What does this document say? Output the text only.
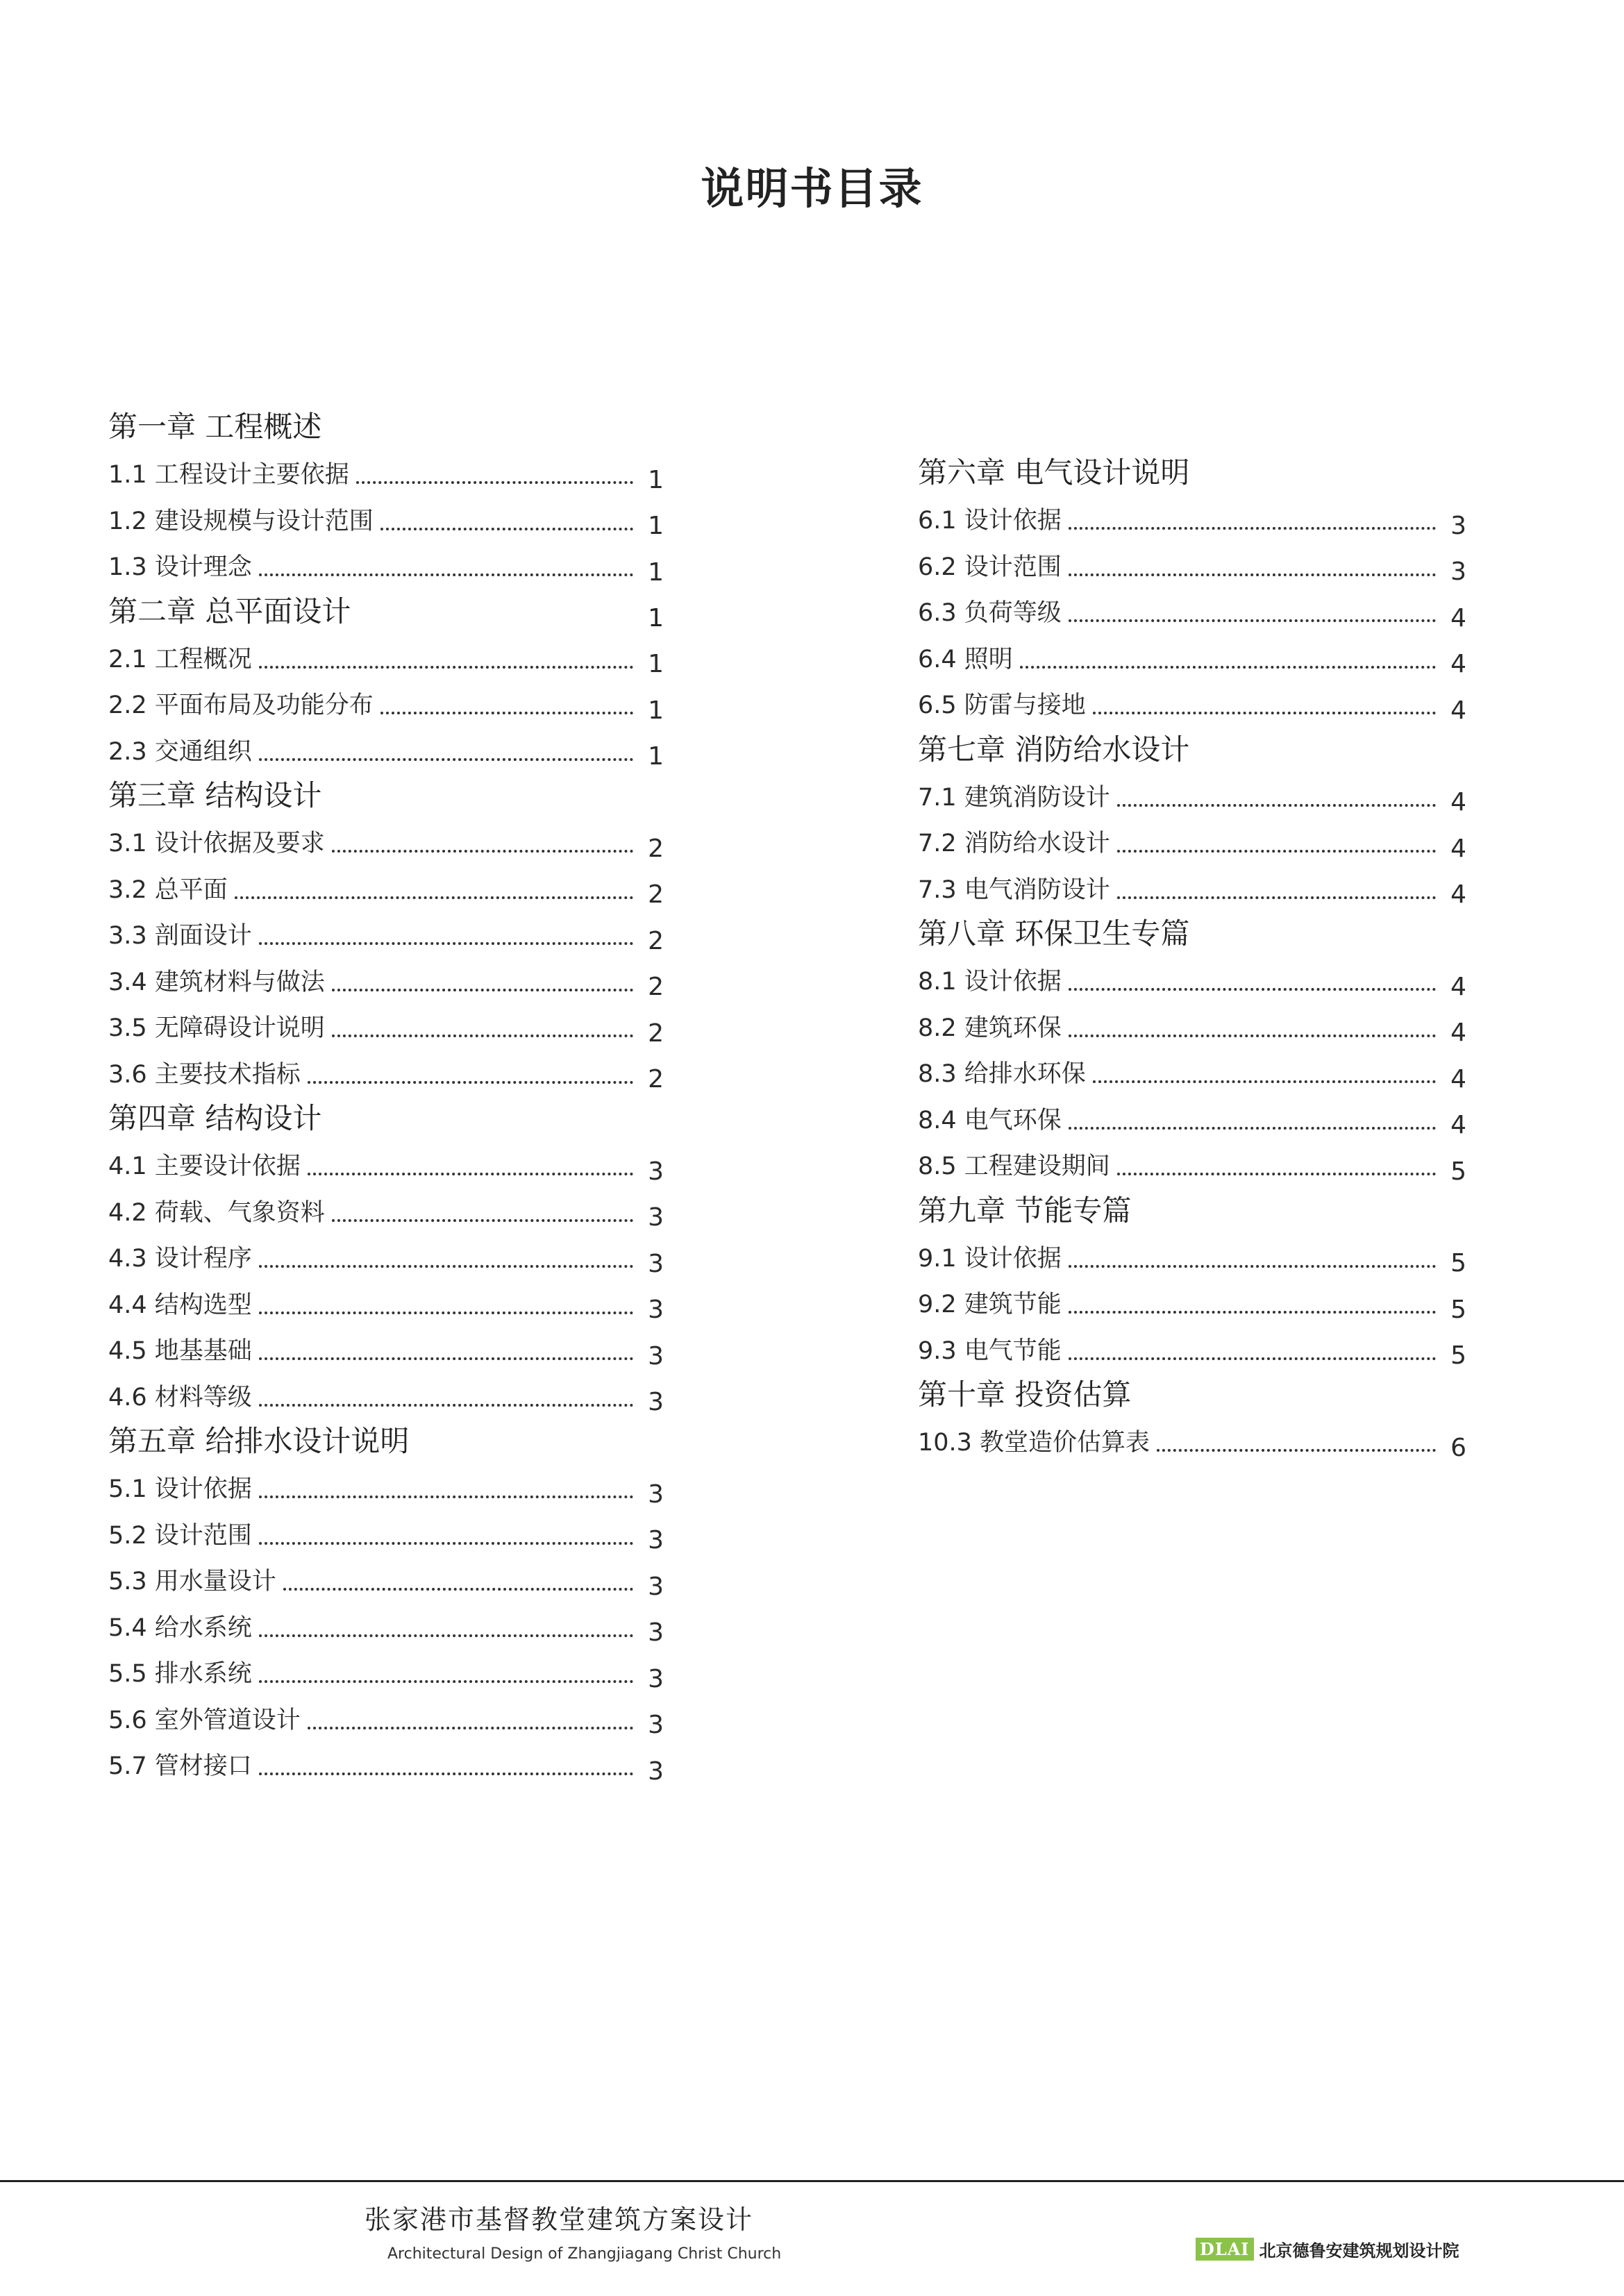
说明书目录
第一章 工程概述
1.1 工程设计主要依据	1
1.2 建设规模与设计范围	1
1.3 设计理念	1
第二章 总平面设计	1
2.1 工程概况	1
2.2 平面布局及功能分布	1
2.3 交通组织	1
第三章 结构设计
3.1 设计依据及要求	2
3.2 总平面	2
3.3 剖面设计	2
3.4 建筑材料与做法	2
3.5 无障碍设计说明	2
3.6 主要技术指标	2
第四章 结构设计
4.1 主要设计依据	3
4.2 荷载、气象资料	3
4.3 设计程序	3
4.4 结构选型	3
4.5 地基基础	3
4.6 材料等级	3
第五章 给排水设计说明
5.1 设计依据	3
5.2 设计范围	3
5.3 用水量设计	3
5.4 给水系统	3
5.5 排水系统	3
5.6 室外管道设计	3
5.7 管材接口	3
第六章 电气设计说明
6.1 设计依据	3
6.2 设计范围	3
6.3 负荷等级	4
6.4 照明	4
6.5 防雷与接地	4
第七章 消防给水设计
7.1 建筑消防设计	4
7.2 消防给水设计	4
7.3 电气消防设计	4
第八章 环保卫生专篇
8.1 设计依据	4
8.2 建筑环保	4
8.3 给排水环保	4
8.4 电气环保	4
8.5 工程建设期间	5
第九章 节能专篇
9.1 设计依据	5
9.2 建筑节能	5
9.3 电气节能	5
第十章 投资估算
10.3 教堂造价估算表	6
张家港市基督教堂建筑方案设计
Architectural Design of Zhangjiagang Christ Church	DLAI 北京德鲁安建筑规划设计院
